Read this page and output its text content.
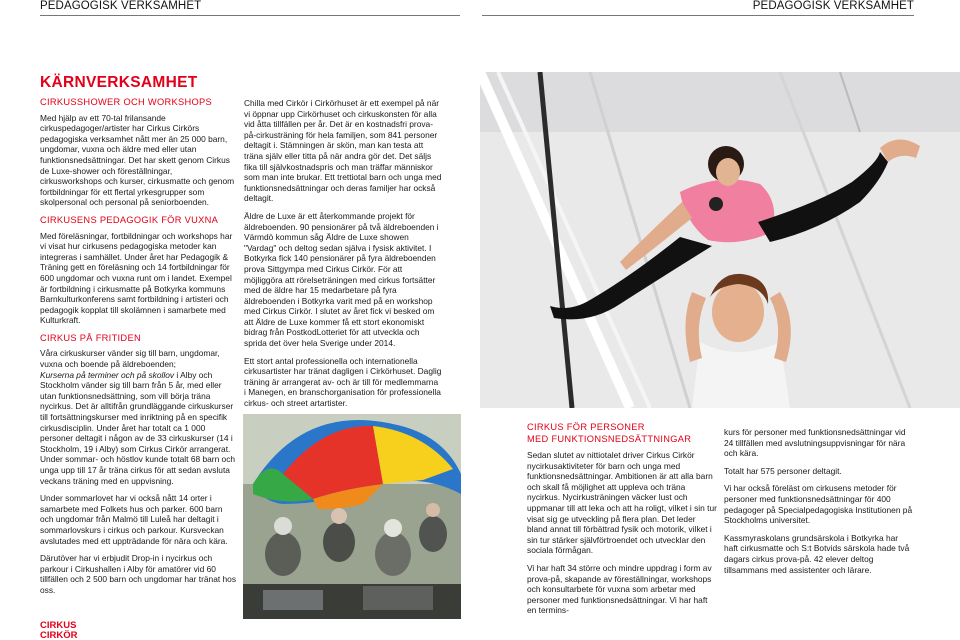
PEDAGOGISK VERKSAMHET	PEDAGOGISK VERKSAMHET
KÄRNVERKSAMHET
CIRKUSSHOWER OCH WORKSHOPS

Med hjälp av ett 70-tal frilansande cirkuspedagoger/artister har Cirkus Cirkörs pedagogiska verksamhet nått mer än 25 000 barn, ungdomar, vuxna och äldre med eller utan funktionsnedsättningar. Det har skett genom Cirkus de Luxe-shower och föreställningar, cirkusworkshops och kurser, cirkusmatte och genom fortbildningar för ett flertal yrkesgrupper som skolpersonal och personal på seniorboenden.

CIRKUSENS PEDAGOGIK FÖR VUXNA

Med föreläsningar, fortbildningar och workshops har vi visat hur cirkusens pedagogiska metoder kan integreras i samhället. Under året har Pedagogik & Träning gett en föreläsning och 14 fortbildningar för 600 ungdomar och vuxna runt om i landet. Exempel är fortbildning i cirkusmatte på Botkyrka kommuns Barnkulturkonferens samt fortbildning i artisteri och pedagogik kopplat till skolämnen i samarbete med Kulturkraft.

CIRKUS PÅ FRITIDEN

Våra cirkuskurser vänder sig till barn, ungdomar, vuxna och boende på äldreboenden;

Kurserna på terminer och på skollov i Alby och Stockholm vänder sig till barn från 5 år, med eller utan funktionsnedsättning, som vill börja träna nycirkus. Det är alltifrån grundläggande cirkuskurser till fortsättningskurser med inriktning på en specifik cirkusdisciplin. Under året har totalt ca 1 000 personer deltagit i någon av de 33 cirkuskurser (14 i Stockholm, 19 i Alby) som Cirkus Cirkör arrangerat. Under sommar- och höstlov kunde totalt 68 barn och unga upp till 17 år träna cirkus för att sedan avsluta veckans träning med en uppvisning.

Under sommarlovet har vi också nått 14 orter i samarbete med Folkets hus och parker. 600 barn och ungdomar från Malmö till Luleå har deltagit i sommarlovskurs i cirkus och parkour. Kursveckan avslutades med ett uppträdande för nära och kära.

Därutöver har vi erbjudit Drop-in i nycirkus och parkour i Cirkushallen i Alby för amatörer vid 60 tillfällen och 2 500 barn och ungdomar har tränat hos oss.

Chilla med Cirkör i Cirkörhuset är ett exempel på när vi öppnar upp Cirkörhuset och cirkuskonsten för alla vid åtta tillfällen per år. Det är en kostnadsfri prova-på-cirkusträning för hela familjen, som 841 personer deltagit i. Stämningen är skön, man kan testa att träna själv eller titta på när andra gör det. Det säljs fika till självkostnadspris och man träffar människor som man inte brukar. Ett trettiotal barn och unga med funktionsnedsättningar och deras familjer har också deltagit.

Äldre de Luxe är ett återkommande projekt för äldreboenden. 90 pensionärer på två äldreboenden i Värmdö kommun såg Äldre de Luxe showen "Vardag" och deltog sedan själva i fysisk aktivitet. I Botkyrka fick 140 pensionärer på fyra äldreboenden prova Sittgympa med Cirkus Cirkör. För att möjliggöra att rörelseträningen med cirkus fortsätter med de äldre har 15 medarbetare på fyra äldreboenden i Botkyrka varit med på en workshop med Cirkus Cirkör. I slutet av året fick vi besked om att Äldre de Luxe kommer få ett stort ekonomiskt bidrag från PostkodLotteriet för att utveckla och sprida det över hela Sverige under 2014.

Ett stort antal professionella och internationella cirkusartister har tränat dagligen i Cirkörhuset. Daglig träning är arrangerat av- och är till för medlemmarna i Manegen, en branschorganisation för professionella cirkus- och street artartister.

CIRKUS FÖR PERSONER
MED FUNKTIONSNEDSÄTTNINGAR

Sedan slutet av nittiotalet driver Cirkus Cirkör nycirkusaktiviteter för barn och unga med funktionsnedsättningar. Ambitionen är att alla barn och skall få möjlighet att uppleva och träna nycirkus. Nycirkusträningen väcker lust och uppmanar till att leka och att ha roligt, vilket i sin tur visat sig ge utveckling på flera plan. Det leder bland annat till förbättrad fysik och motorik, vilket i sin tur stärker självförtroendet och utvecklar den sociala förmågan.

Vi har haft 34 större och mindre uppdrag i form av prova-på, skapande av föreställningar, workshops och konsultarbete för vuxna som arbetar med personer med funktionsnedsättningar. Vi har haft en termins-

kurs för personer med funktionsnedsättningar vid 24 tillfällen med avslutningsuppvisningar för nära och kära.

Totalt har 575 personer deltagit.

Vi har också föreläst om cirkusens metoder för personer med funktionsnedsättningar för 400 pedagoger på Specialpedagogiska Institutionen på Stockholms universitet.

Kassmyraskolans grundsärskola i Botkyrka har haft cirkusmatte och S:t Botvids särskola hade två dagars cirkus prova-på. 42 elever deltog tillsammans med assistenter och lärare.

CIRKUS
CIRKÖR
